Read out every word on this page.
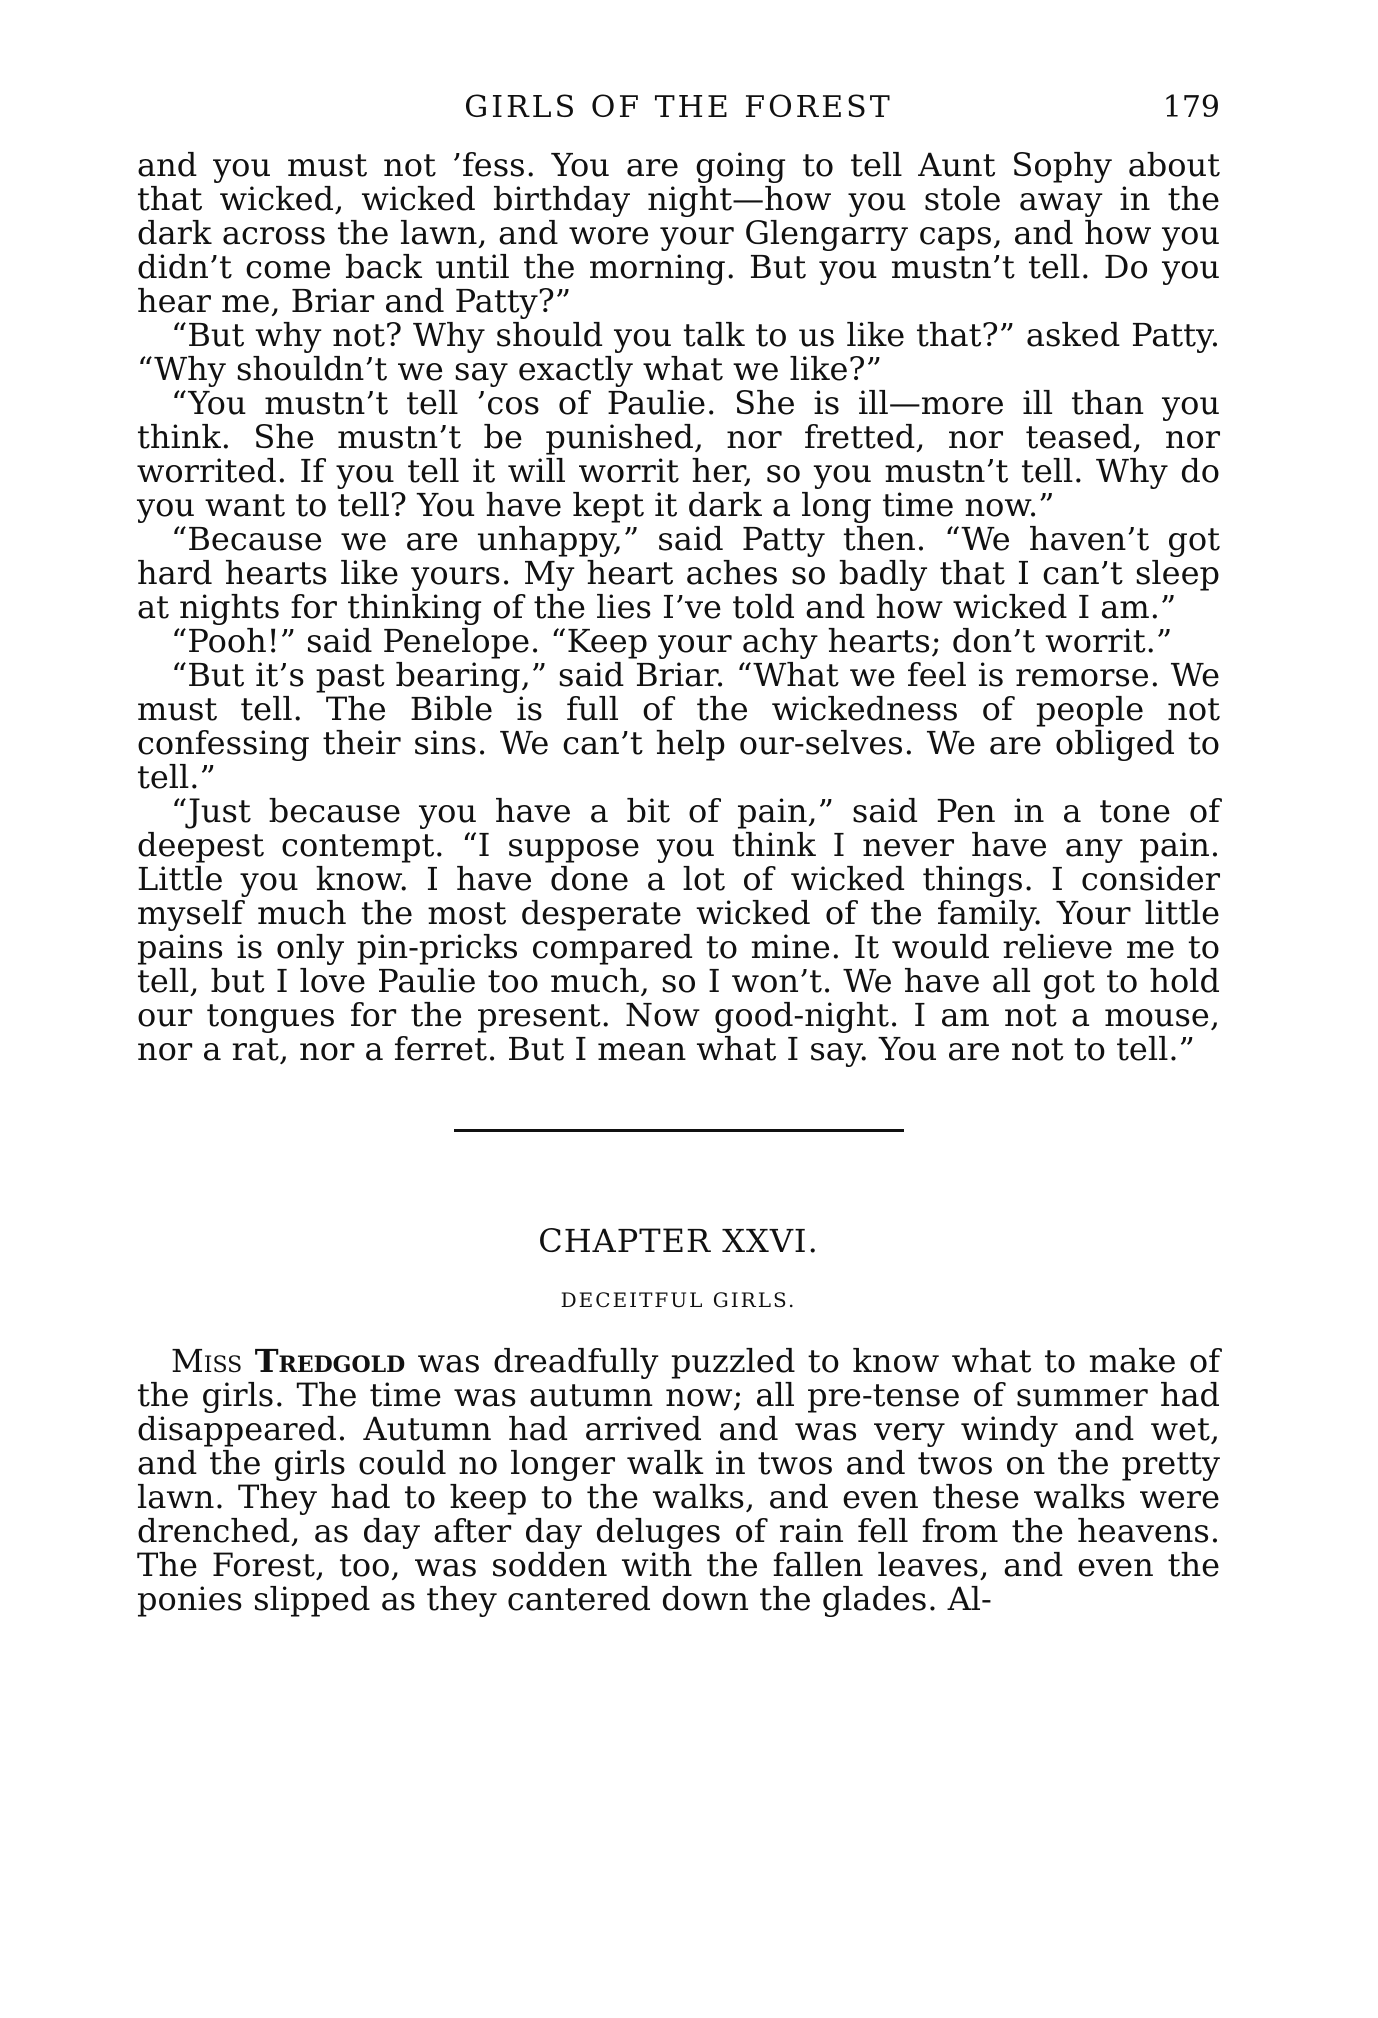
GIRLS OF THE FOREST	179

and you must not ’fess. You are going to tell Aunt Sophy about that wicked, wicked birthday night—how you stole away in the dark across the lawn, and wore your Glengarry caps, and how you didn’t come back until the morning. But you mustn’t tell. Do you hear me, Briar and Patty?”

“But why not? Why should you talk to us like that?” asked Patty. “Why shouldn’t we say exactly what we like?”

“You mustn’t tell ’cos of Paulie. She is ill—more ill than you think. She mustn’t be punished, nor fretted, nor teased, nor worrited. If you tell it will worrit her, so you mustn’t tell. Why do you want to tell? You have kept it dark a long time now.”

“Because we are unhappy,” said Patty then. “We haven’t got hard hearts like yours. My heart aches so badly that I can’t sleep at nights for thinking of the lies I’ve told and how wicked I am.”

“Pooh!” said Penelope. “Keep your achy hearts; don’t worrit.”

“But it’s past bearing,” said Briar. “What we feel is remorse. We must tell. The Bible is full of the wickedness of people not confessing their sins. We can’t help our-selves. We are obliged to tell.”

“Just because you have a bit of pain,” said Pen in a tone of deepest contempt. “I suppose you think I never have any pain. Little you know. I have done a lot of wicked things. I consider myself much the most desperate wicked of the family. Your little pains is only pin-pricks compared to mine. It would relieve me to tell, but I love Paulie too much, so I won’t. We have all got to hold our tongues for the present. Now good-night. I am not a mouse, nor a rat, nor a ferret. But I mean what I say. You are not to tell.”

CHAPTER XXVI.
DECEITFUL GIRLS.

Miss Tredgold was dreadfully puzzled to know what to make of the girls. The time was autumn now; all pre-tense of summer had disappeared. Autumn had arrived and was very windy and wet, and the girls could no longer walk in twos and twos on the pretty lawn. They had to keep to the walks, and even these walks were drenched, as day after day deluges of rain fell from the heavens. The Forest, too, was sodden with the fallen leaves, and even the ponies slipped as they cantered down the glades. Al-
